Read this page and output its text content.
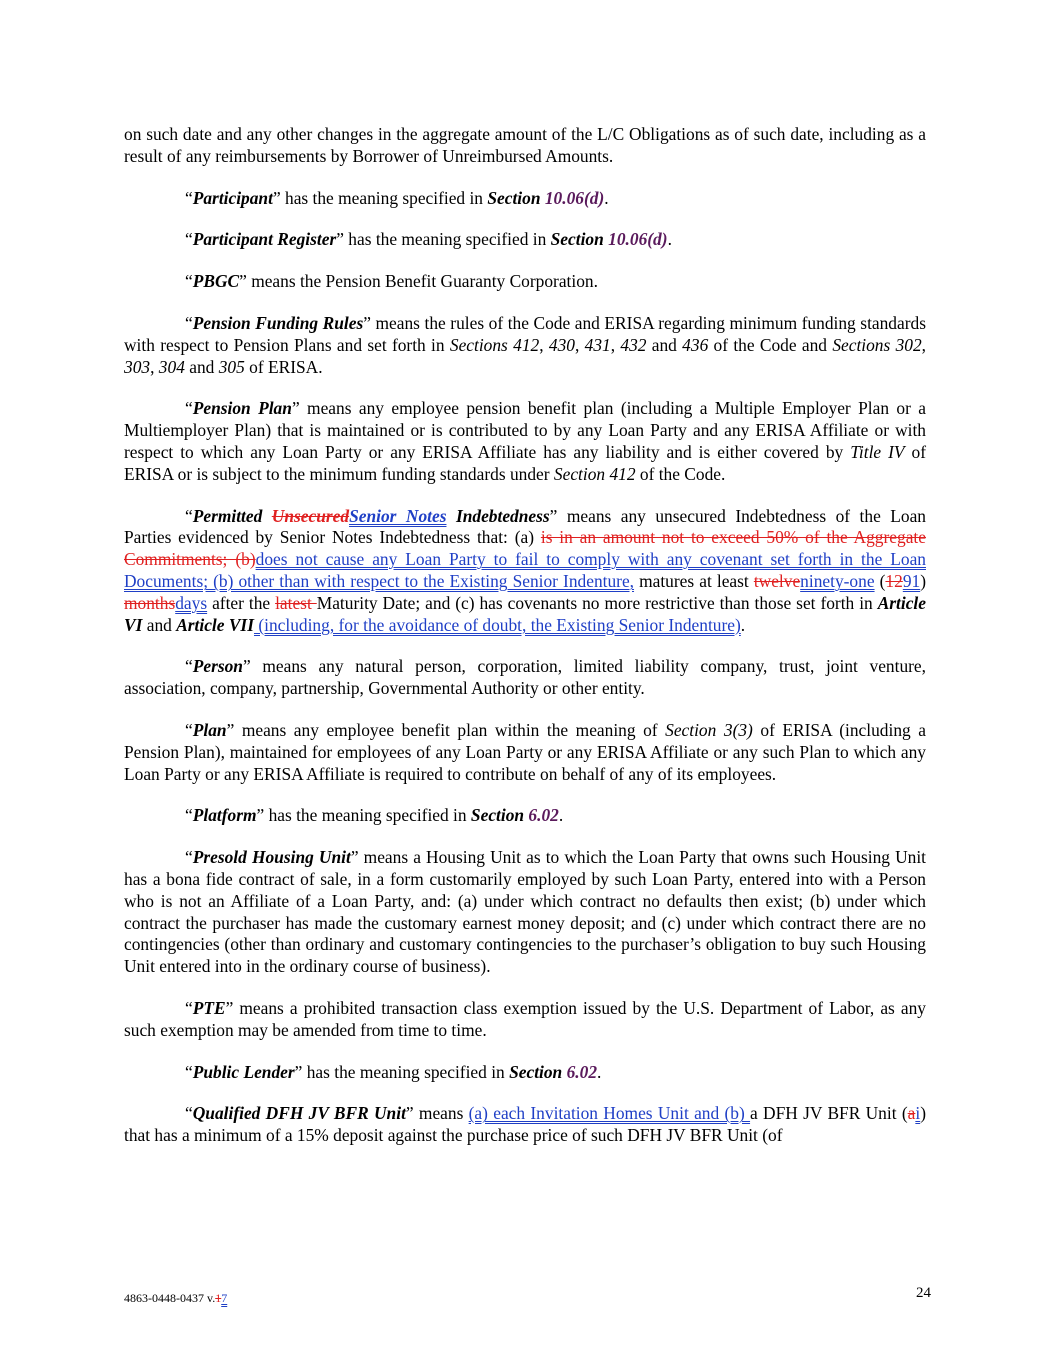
on such date and any other changes in the aggregate amount of the L/C Obligations as of such date, including as a result of any reimbursements by Borrower of Unreimbursed Amounts.

“Participant” has the meaning specified in Section 10.06(d).

“Participant Register” has the meaning specified in Section 10.06(d).

“PBGC” means the Pension Benefit Guaranty Corporation.

“Pension Funding Rules” means the rules of the Code and ERISA regarding minimum funding standards with respect to Pension Plans and set forth in Sections 412, 430, 431, 432 and 436 of the Code and Sections 302, 303, 304 and 305 of ERISA.

“Pension Plan” means any employee pension benefit plan (including a Multiple Employer Plan or a Multiemployer Plan) that is maintained or is contributed to by any Loan Party and any ERISA Affiliate or with respect to which any Loan Party or any ERISA Affiliate has any liability and is either covered by Title IV of ERISA or is subject to the minimum funding standards under Section 412 of the Code.

“Permitted UnsecuredSenior Notes Indebtedness” means any unsecured Indebtedness of the Loan Parties evidenced by Senior Notes Indebtedness that: (a) is in an amount not to exceed 50% of the Aggregate Commitments; (b)does not cause any Loan Party to fail to comply with any covenant set forth in the Loan Documents; (b) other than with respect to the Existing Senior Indenture, matures at least twelveninety-one (1291) monthsdays after the latest Maturity Date; and (c) has covenants no more restrictive than those set forth in Article VI and Article VII (including, for the avoidance of doubt, the Existing Senior Indenture).

“Person” means any natural person, corporation, limited liability company, trust, joint venture, association, company, partnership, Governmental Authority or other entity.

“Plan” means any employee benefit plan within the meaning of Section 3(3) of ERISA (including a Pension Plan), maintained for employees of any Loan Party or any ERISA Affiliate or any such Plan to which any Loan Party or any ERISA Affiliate is required to contribute on behalf of any of its employees.

“Platform” has the meaning specified in Section 6.02.

“Presold Housing Unit” means a Housing Unit as to which the Loan Party that owns such Housing Unit has a bona fide contract of sale, in a form customarily employed by such Loan Party, entered into with a Person who is not an Affiliate of a Loan Party, and: (a) under which contract no defaults then exist; (b) under which contract the purchaser has made the customary earnest money deposit; and (c) under which contract there are no contingencies (other than ordinary and customary contingencies to the purchaser’s obligation to buy such Housing Unit entered into in the ordinary course of business).

“PTE” means a prohibited transaction class exemption issued by the U.S. Department of Labor, as any such exemption may be amended from time to time.

“Public Lender” has the meaning specified in Section 6.02.

“Qualified DFH JV BFR Unit” means (a) each Invitation Homes Unit and (b) a DFH JV BFR Unit (ai) that has a minimum of a 15% deposit against the purchase price of such DFH JV BFR Unit (of

4863-0448-0437 v.17	24
